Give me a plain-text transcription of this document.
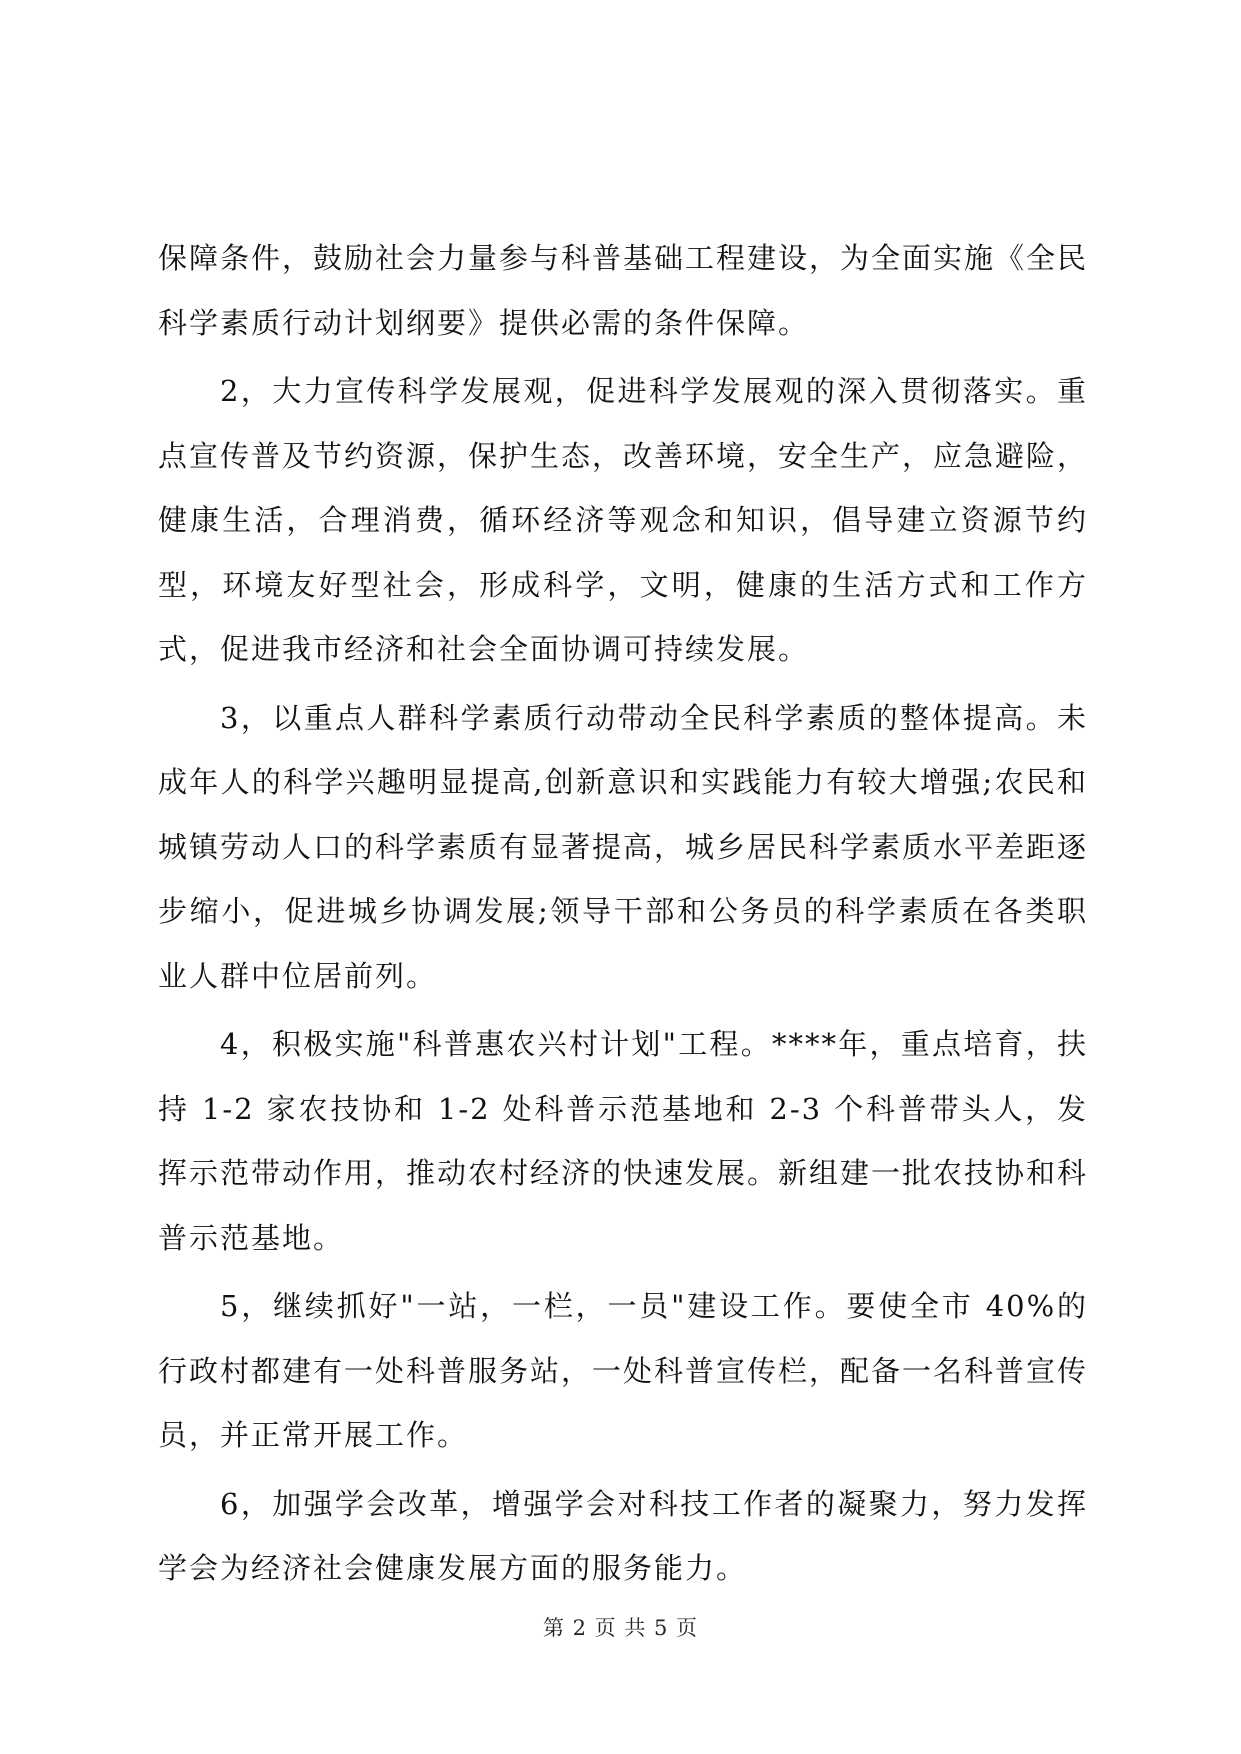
保障条件，鼓励社会力量参与科普基础工程建设，为全面实施《全民科学素质行动计划纲要》提供必需的条件保障。

2，大力宣传科学发展观，促进科学发展观的深入贯彻落实。重点宣传普及节约资源，保护生态，改善环境，安全生产，应急避险，健康生活，合理消费，循环经济等观念和知识，倡导建立资源节约型，环境友好型社会，形成科学，文明，健康的生活方式和工作方式，促进我市经济和社会全面协调可持续发展。

3，以重点人群科学素质行动带动全民科学素质的整体提高。未成年人的科学兴趣明显提高,创新意识和实践能力有较大增强;农民和城镇劳动人口的科学素质有显著提高，城乡居民科学素质水平差距逐步缩小，促进城乡协调发展;领导干部和公务员的科学素质在各类职业人群中位居前列。

4，积极实施"科普惠农兴村计划"工程。****年，重点培育，扶持 1-2 家农技协和 1-2 处科普示范基地和 2-3 个科普带头人，发挥示范带动作用，推动农村经济的快速发展。新组建一批农技协和科普示范基地。

5，继续抓好"一站，一栏，一员"建设工作。要使全市 40%的行政村都建有一处科普服务站，一处科普宣传栏，配备一名科普宣传员，并正常开展工作。

6，加强学会改革，增强学会对科技工作者的凝聚力，努力发挥学会为经济社会健康发展方面的服务能力。

第 2 页 共 5 页
